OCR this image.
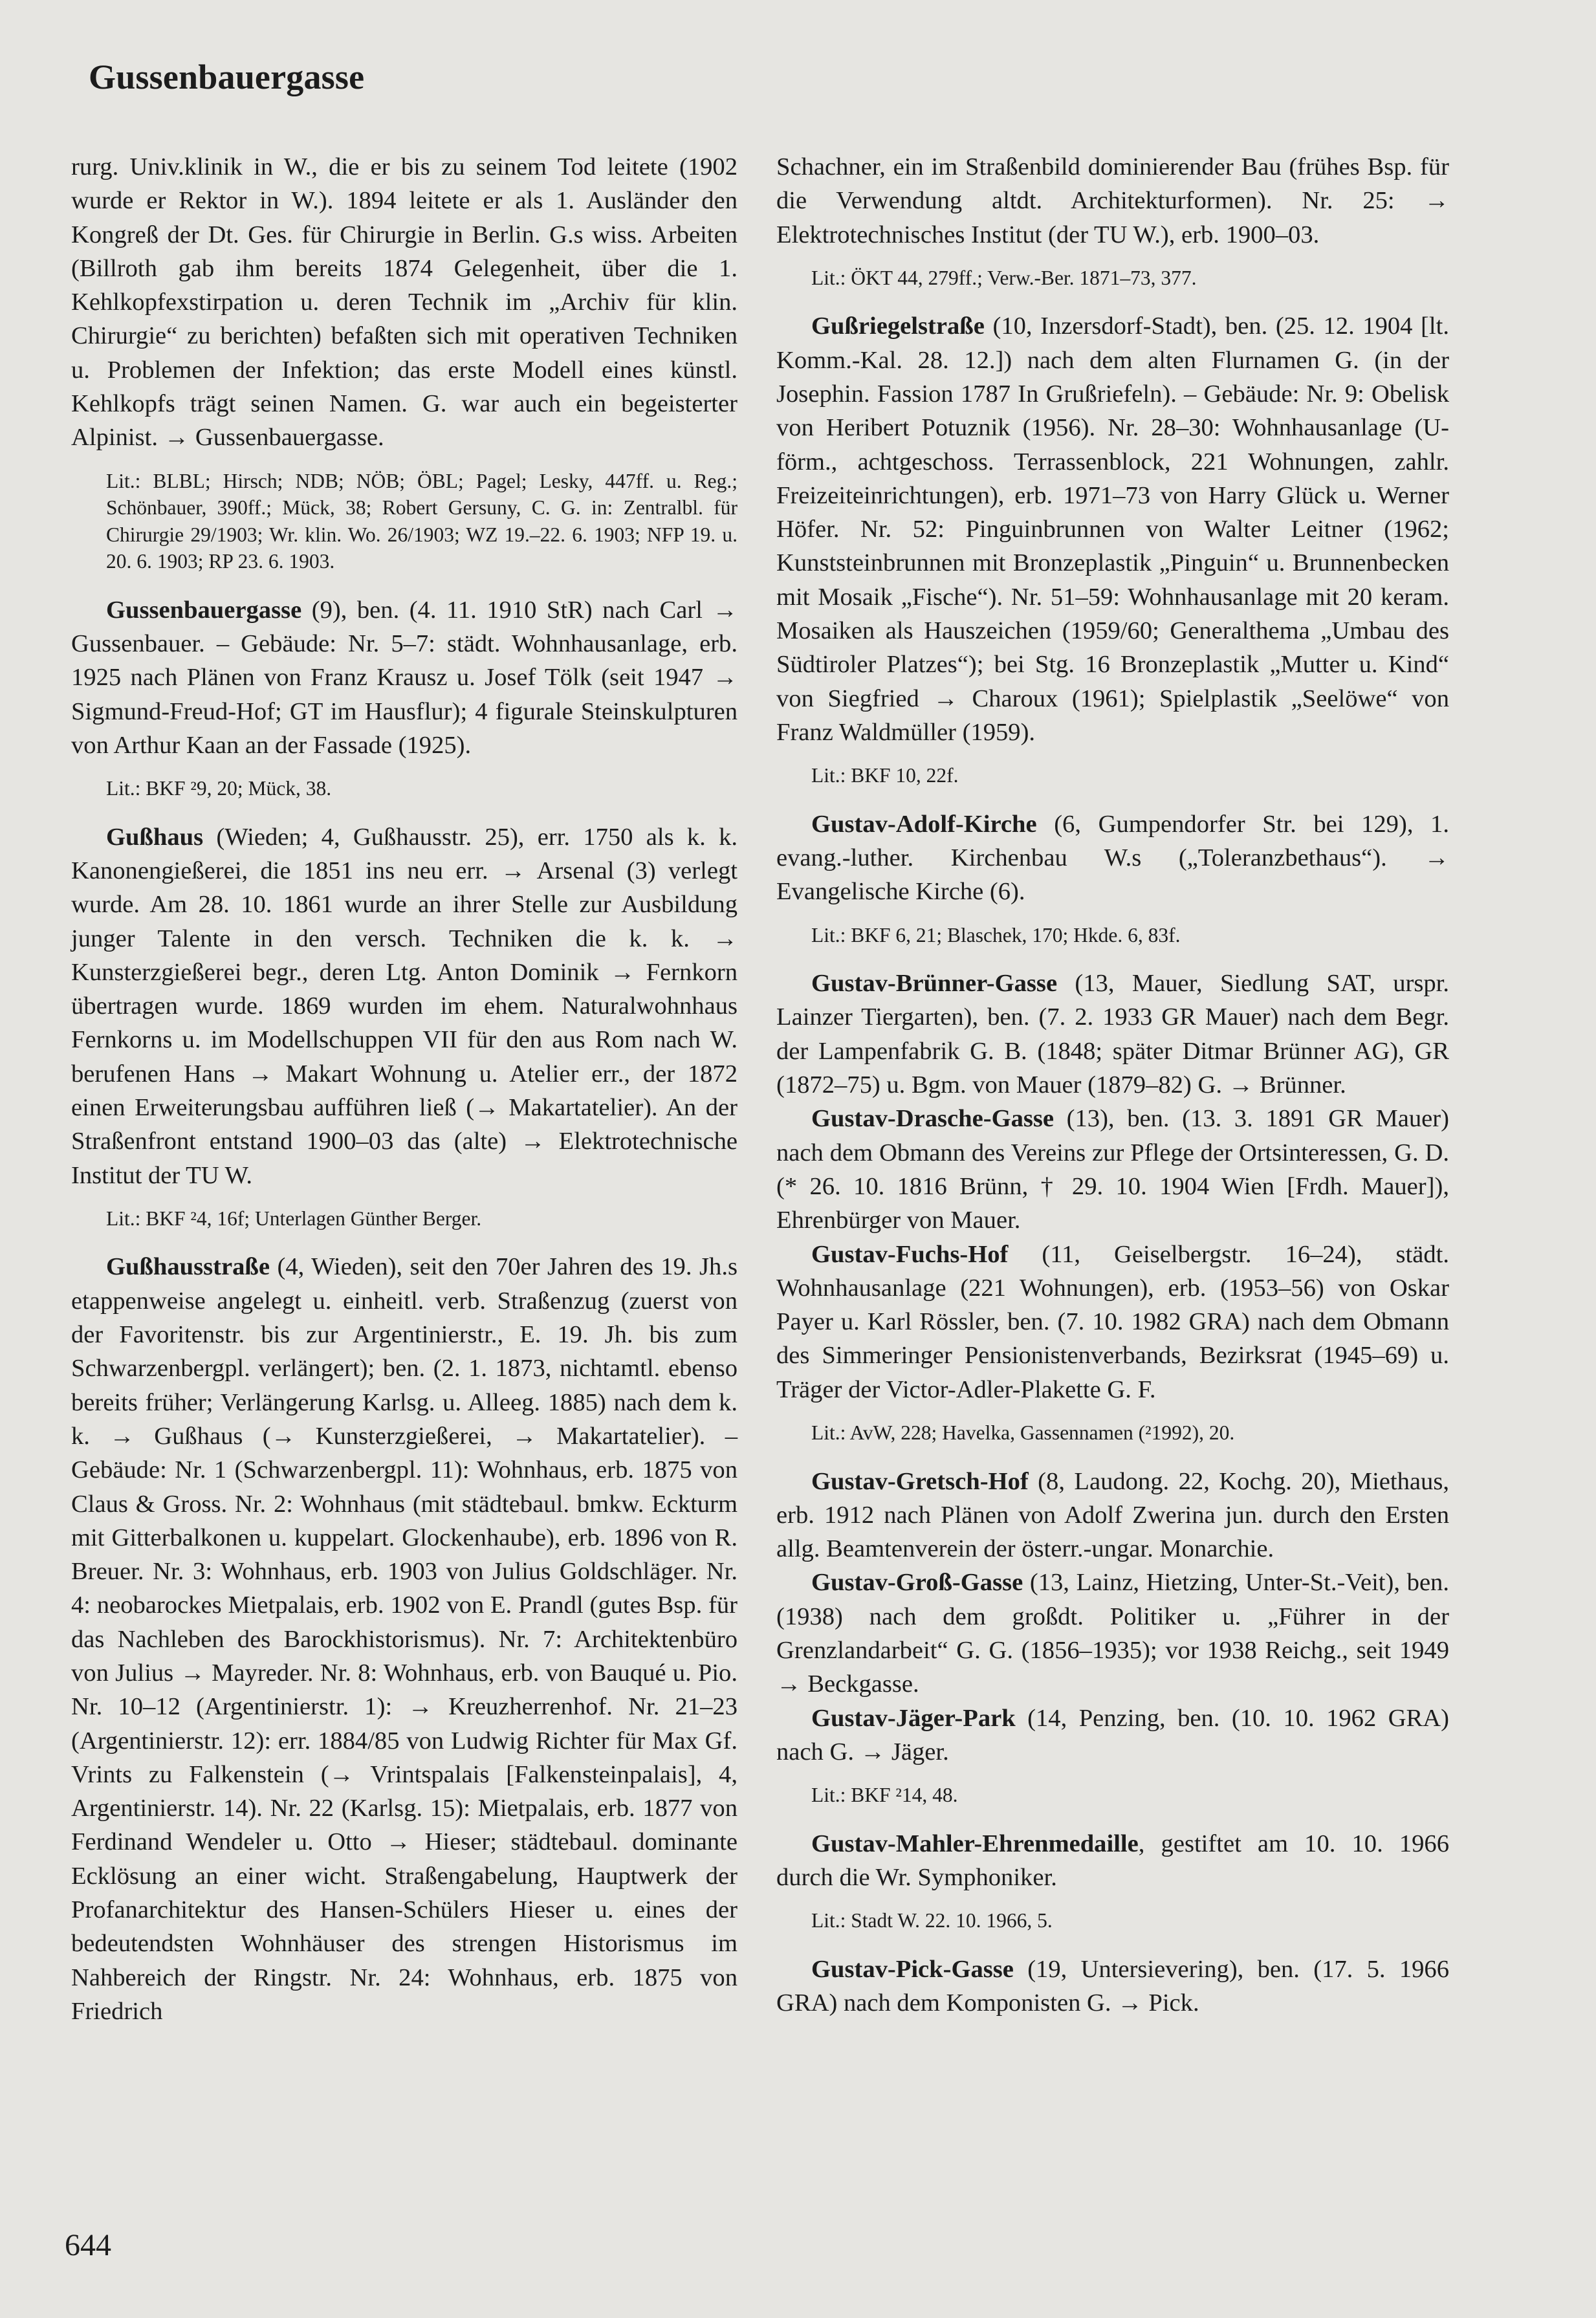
Gussenbauergasse

rurg. Univ.klinik in W., die er bis zu seinem Tod leitete (1902 wurde er Rektor in W.). 1894 leitete er als 1. Ausländer den Kongreß der Dt. Ges. für Chirurgie in Berlin. G.s wiss. Arbeiten (Billroth gab ihm bereits 1874 Gelegenheit, über die 1. Kehlkopfexstirpation u. deren Technik im „Archiv für klin. Chirurgie“ zu berichten) befaßten sich mit operativen Techniken u. Problemen der Infektion; das erste Modell eines künstl. Kehlkopfs trägt seinen Namen. G. war auch ein begeisterter Alpinist. → Gussenbauergasse.

Lit.: BLBL; Hirsch; NDB; NÖB; ÖBL; Pagel; Lesky, 447ff. u. Reg.; Schönbauer, 390ff.; Mück, 38; Robert Gersuny, C. G. in: Zentralbl. für Chirurgie 29/1903; Wr. klin. Wo. 26/1903; WZ 19.–22. 6. 1903; NFP 19. u. 20. 6. 1903; RP 23. 6. 1903.

Gussenbauergasse (9), ben. (4. 11. 1910 StR) nach Carl → Gussenbauer. – Gebäude: Nr. 5–7: städt. Wohnhausanlage, erb. 1925 nach Plänen von Franz Krausz u. Josef Tölk (seit 1947 → Sigmund-Freud-Hof; GT im Hausflur); 4 figurale Steinskulpturen von Arthur Kaan an der Fassade (1925).

Lit.: BKF ²9, 20; Mück, 38.

Gußhaus (Wieden; 4, Gußhausstr. 25), err. 1750 als k. k. Kanonengießerei, die 1851 ins neu err. → Arsenal (3) verlegt wurde. Am 28. 10. 1861 wurde an ihrer Stelle zur Ausbildung junger Talente in den versch. Techniken die k. k. → Kunsterzgießerei begr., deren Ltg. Anton Dominik → Fernkorn übertragen wurde. 1869 wurden im ehem. Naturalwohnhaus Fernkorns u. im Modellschuppen VII für den aus Rom nach W. berufenen Hans → Makart Wohnung u. Atelier err., der 1872 einen Erweiterungsbau aufführen ließ (→ Makartatelier). An der Straßenfront entstand 1900–03 das (alte) → Elektrotechnische Institut der TU W.

Lit.: BKF ²4, 16f; Unterlagen Günther Berger.

Gußhausstraße (4, Wieden), seit den 70er Jahren des 19. Jh.s etappenweise angelegt u. einheitl. verb. Straßenzug (zuerst von der Favoritenstr. bis zur Argentinierstr., E. 19. Jh. bis zum Schwarzenbergpl. verlängert); ben. (2. 1. 1873, nichtamtl. ebenso bereits früher; Verlängerung Karlsg. u. Alleeg. 1885) nach dem k. k. → Gußhaus (→ Kunsterzgießerei, → Makartatelier). – Gebäude: Nr. 1 (Schwarzenbergpl. 11): Wohnhaus, erb. 1875 von Claus & Gross. Nr. 2: Wohnhaus (mit städtebaul. bmkw. Eckturm mit Gitterbalkonen u. kuppelart. Glockenhaube), erb. 1896 von R. Breuer. Nr. 3: Wohnhaus, erb. 1903 von Julius Goldschläger. Nr. 4: neobarockes Mietpalais, erb. 1902 von E. Prandl (gutes Bsp. für das Nachleben des Barockhistorismus). Nr. 7: Architektenbüro von Julius → Mayreder. Nr. 8: Wohnhaus, erb. von Bauqué u. Pio. Nr. 10–12 (Argentinierstr. 1): → Kreuzherrenhof. Nr. 21–23 (Argentinierstr. 12): err. 1884/85 von Ludwig Richter für Max Gf. Vrints zu Falkenstein (→ Vrintspalais [Falkensteinpalais], 4, Argentinierstr. 14). Nr. 22 (Karlsg. 15): Mietpalais, erb. 1877 von Ferdinand Wendeler u. Otto → Hieser; städtebaul. dominante Ecklösung an einer wicht. Straßengabelung, Hauptwerk der Profanarchitektur des Hansen-Schülers Hieser u. eines der bedeutendsten Wohnhäuser des strengen Historismus im Nahbereich der Ringstr. Nr. 24: Wohnhaus, erb. 1875 von Friedrich

Schachner, ein im Straßenbild dominierender Bau (frühes Bsp. für die Verwendung altdt. Architekturformen). Nr. 25: → Elektrotechnisches Institut (der TU W.), erb. 1900–03.

Lit.: ÖKT 44, 279ff.; Verw.-Ber. 1871–73, 377.

Gußriegelstraße (10, Inzersdorf-Stadt), ben. (25. 12. 1904 [lt. Komm.-Kal. 28. 12.]) nach dem alten Flurnamen G. (in der Josephin. Fassion 1787 In Grußriefeln). – Gebäude: Nr. 9: Obelisk von Heribert Potuznik (1956). Nr. 28–30: Wohnhausanlage (U-förm., achtgeschoss. Terrassenblock, 221 Wohnungen, zahlr. Freizeiteinrichtungen), erb. 1971–73 von Harry Glück u. Werner Höfer. Nr. 52: Pinguinbrunnen von Walter Leitner (1962; Kunststeinbrunnen mit Bronzeplastik „Pinguin“ u. Brunnenbecken mit Mosaik „Fische“). Nr. 51–59: Wohnhausanlage mit 20 keram. Mosaiken als Hauszeichen (1959/60; Generalthema „Umbau des Südtiroler Platzes“); bei Stg. 16 Bronzeplastik „Mutter u. Kind“ von Siegfried → Charoux (1961); Spielplastik „Seelöwe“ von Franz Waldmüller (1959).

Lit.: BKF 10, 22f.

Gustav-Adolf-Kirche (6, Gumpendorfer Str. bei 129), 1. evang.-luther. Kirchenbau W.s („Toleranzbethaus“). → Evangelische Kirche (6).

Lit.: BKF 6, 21; Blaschek, 170; Hkde. 6, 83f.

Gustav-Brünner-Gasse (13, Mauer, Siedlung SAT, urspr. Lainzer Tiergarten), ben. (7. 2. 1933 GR Mauer) nach dem Begr. der Lampenfabrik G. B. (1848; später Ditmar Brünner AG), GR (1872–75) u. Bgm. von Mauer (1879–82) G. → Brünner.

Gustav-Drasche-Gasse (13), ben. (13. 3. 1891 GR Mauer) nach dem Obmann des Vereins zur Pflege der Ortsinteressen, G. D. (* 26. 10. 1816 Brünn, † 29. 10. 1904 Wien [Frdh. Mauer]), Ehrenbürger von Mauer.

Gustav-Fuchs-Hof (11, Geiselbergstr. 16–24), städt. Wohnhausanlage (221 Wohnungen), erb. (1953–56) von Oskar Payer u. Karl Rössler, ben. (7. 10. 1982 GRA) nach dem Obmann des Simmeringer Pensionistenverbands, Bezirksrat (1945–69) u. Träger der Victor-Adler-Plakette G. F.

Lit.: AvW, 228; Havelka, Gassennamen (²1992), 20.

Gustav-Gretsch-Hof (8, Laudong. 22, Kochg. 20), Miethaus, erb. 1912 nach Plänen von Adolf Zwerina jun. durch den Ersten allg. Beamtenverein der österr.-ungar. Monarchie.

Gustav-Groß-Gasse (13, Lainz, Hietzing, Unter-St.-Veit), ben. (1938) nach dem großdt. Politiker u. „Führer in der Grenzlandarbeit“ G. G. (1856–1935); vor 1938 Reichg., seit 1949 → Beckgasse.

Gustav-Jäger-Park (14, Penzing, ben. (10. 10. 1962 GRA) nach G. → Jäger.

Lit.: BKF ²14, 48.

Gustav-Mahler-Ehrenmedaille, gestiftet am 10. 10. 1966 durch die Wr. Symphoniker.

Lit.: Stadt W. 22. 10. 1966, 5.

Gustav-Pick-Gasse (19, Untersievering), ben. (17. 5. 1966 GRA) nach dem Komponisten G. → Pick.

644
